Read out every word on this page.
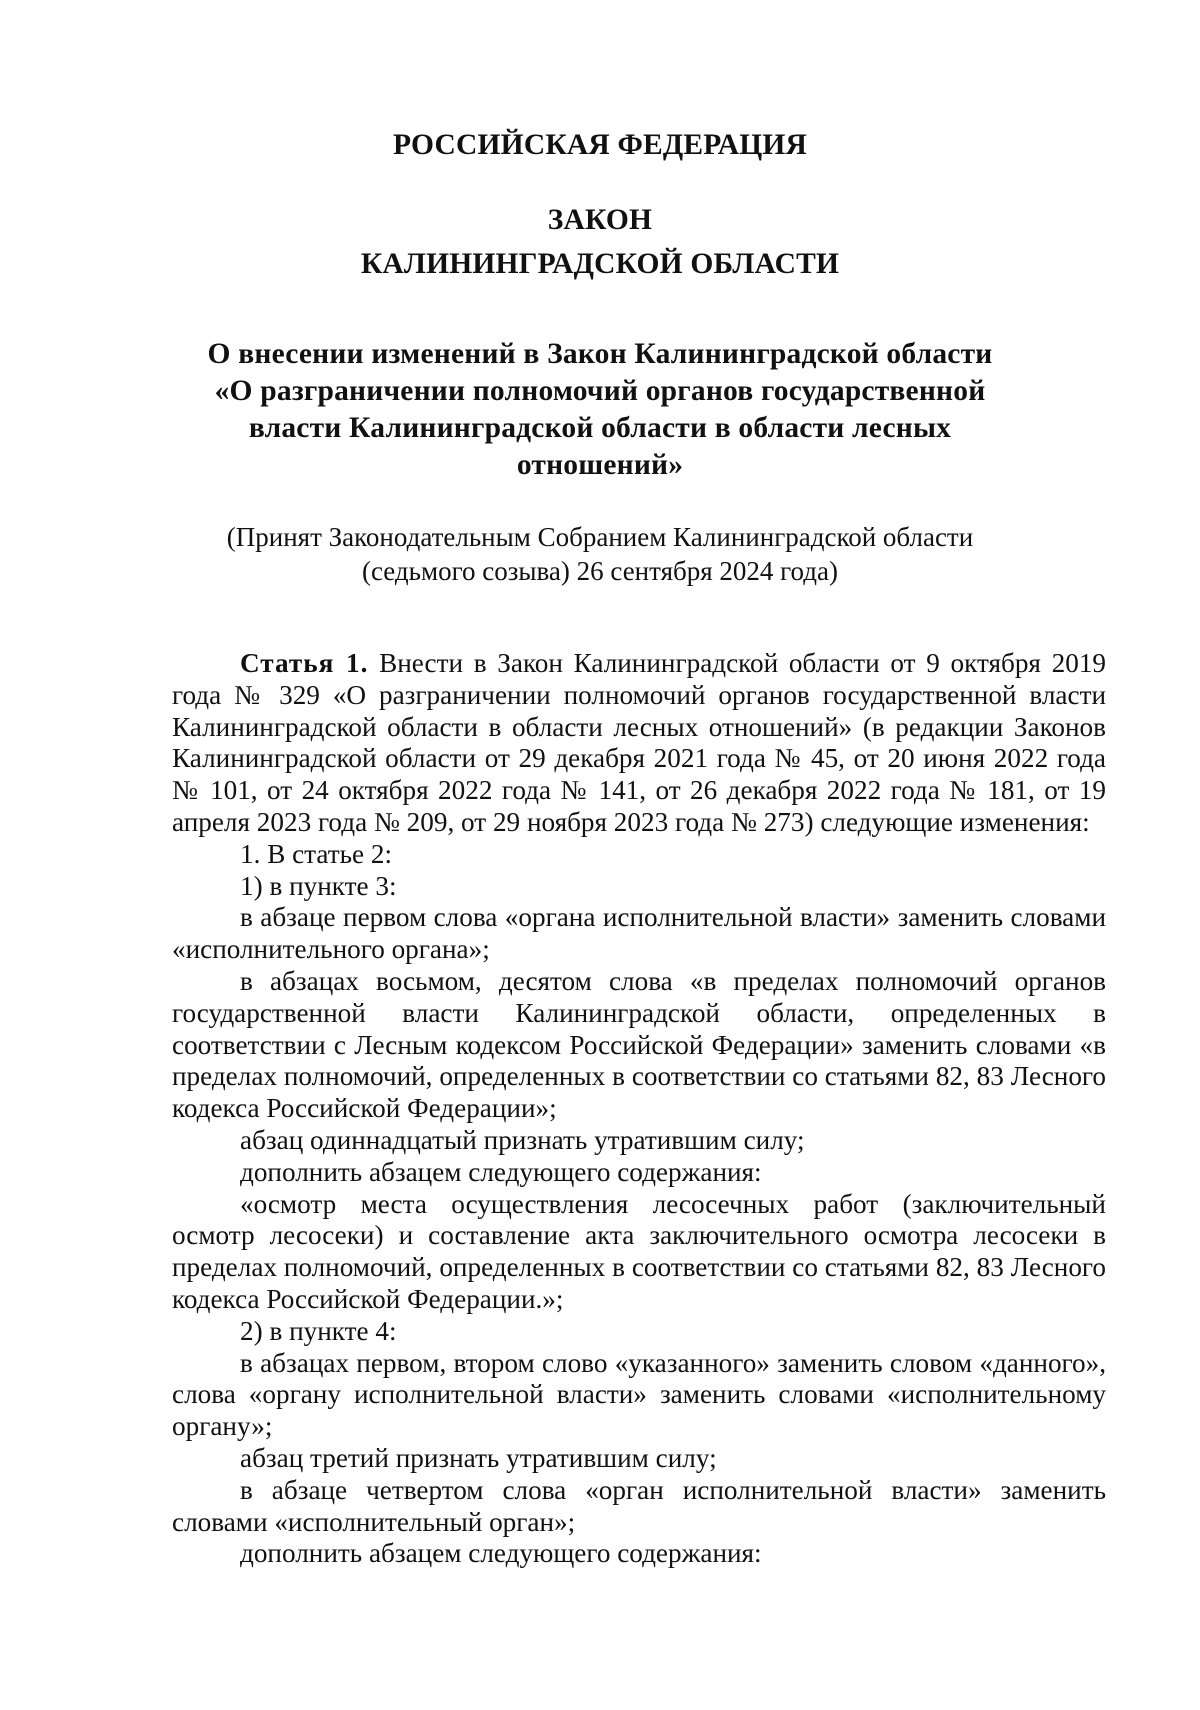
РОССИЙСКАЯ ФЕДЕРАЦИЯ
ЗАКОН
КАЛИНИНГРАДСКОЙ ОБЛАСТИ
О внесении изменений в Закон Калининградской области
«О разграничении полномочий органов государственной
власти Калининградской области в области лесных
отношений»
(Принят Законодательным Собранием Калининградской области
(седьмого созыва) 26 сентября 2024 года)

Статья 1. Внести в Закон Калининградской области от 9 октября 2019 года № 329 «О разграничении полномочий органов государственной власти Калининградской области в области лесных отношений» (в редакции Законов Калининградской области от 29 декабря 2021 года № 45, от 20 июня 2022 года № 101, от 24 октября 2022 года № 141, от 26 декабря 2022 года № 181, от 19 апреля 2023 года № 209, от 29 ноября 2023 года № 273) следующие изменения:

1. В статье 2:

1) в пункте 3:

в абзаце первом слова «органа исполнительной власти» заменить словами «исполнительного органа»;

в абзацах восьмом, десятом слова «в пределах полномочий органов государственной власти Калининградской области, определенных в соответствии с Лесным кодексом Российской Федерации» заменить словами «в пределах полномочий, определенных в соответствии со статьями 82, 83 Лесного кодекса Российской Федерации»;

абзац одиннадцатый признать утратившим силу;

дополнить абзацем следующего содержания:

«осмотр места осуществления лесосечных работ (заключительный осмотр лесосеки) и составление акта заключительного осмотра лесосеки в пределах полномочий, определенных в соответствии со статьями 82, 83 Лесного кодекса Российской Федерации.»;

2) в пункте 4:

в абзацах первом, втором слово «указанного» заменить словом «данного», слова «органу исполнительной власти» заменить словами «исполнительному органу»;

абзац третий признать утратившим силу;

в абзаце четвертом слова «орган исполнительной власти» заменить словами «исполнительный орган»;

дополнить абзацем следующего содержания:
